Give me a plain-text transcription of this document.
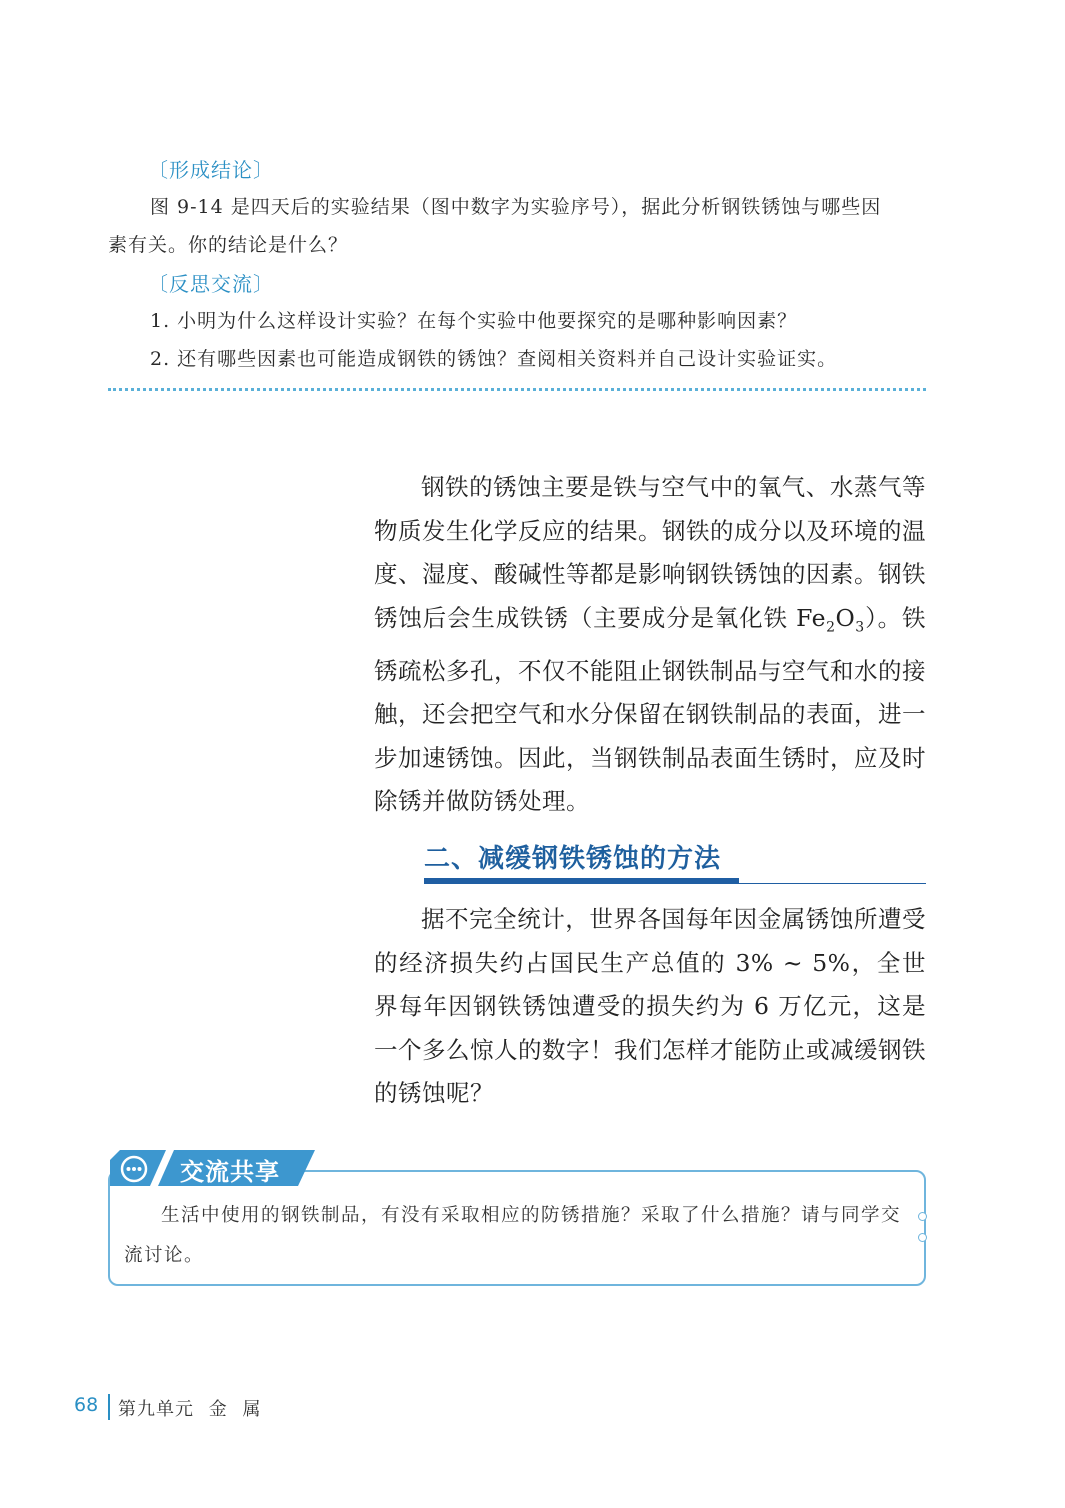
〔形成结论〕
图 9-14 是四天后的实验结果（图中数字为实验序号），据此分析钢铁锈蚀与哪些因
素有关。你的结论是什么？
〔反思交流〕
1. 小明为什么这样设计实验？在每个实验中他要探究的是哪种影响因素？
2. 还有哪些因素也可能造成钢铁的锈蚀？查阅相关资料并自己设计实验证实。

钢铁的锈蚀主要是铁与空气中的氧气、水蒸气等物质发生化学反应的结果。钢铁的成分以及环境的温度、湿度、酸碱性等都是影响钢铁锈蚀的因素。钢铁锈蚀后会生成铁锈（主要成分是氧化铁 $Fe_2O_3$）。铁锈疏松多孔，不仅不能阻止钢铁制品与空气和水的接触，还会把空气和水分保留在钢铁制品的表面，进一步加速锈蚀。因此，当钢铁制品表面生锈时，应及时除锈并做防锈处理。

二、减缓钢铁锈蚀的方法

据不完全统计，世界各国每年因金属锈蚀所遭受的经济损失约占国民生产总值的 3% ~ 5%，全世界每年因钢铁锈蚀遭受的损失约为 6 万亿元，这是一个多么惊人的数字！我们怎样才能防止或减缓钢铁的锈蚀呢？

交流共享
生活中使用的钢铁制品，有没有采取相应的防锈措施？采取了什么措施？请与同学交流讨论。
68 第九单元 金 属
